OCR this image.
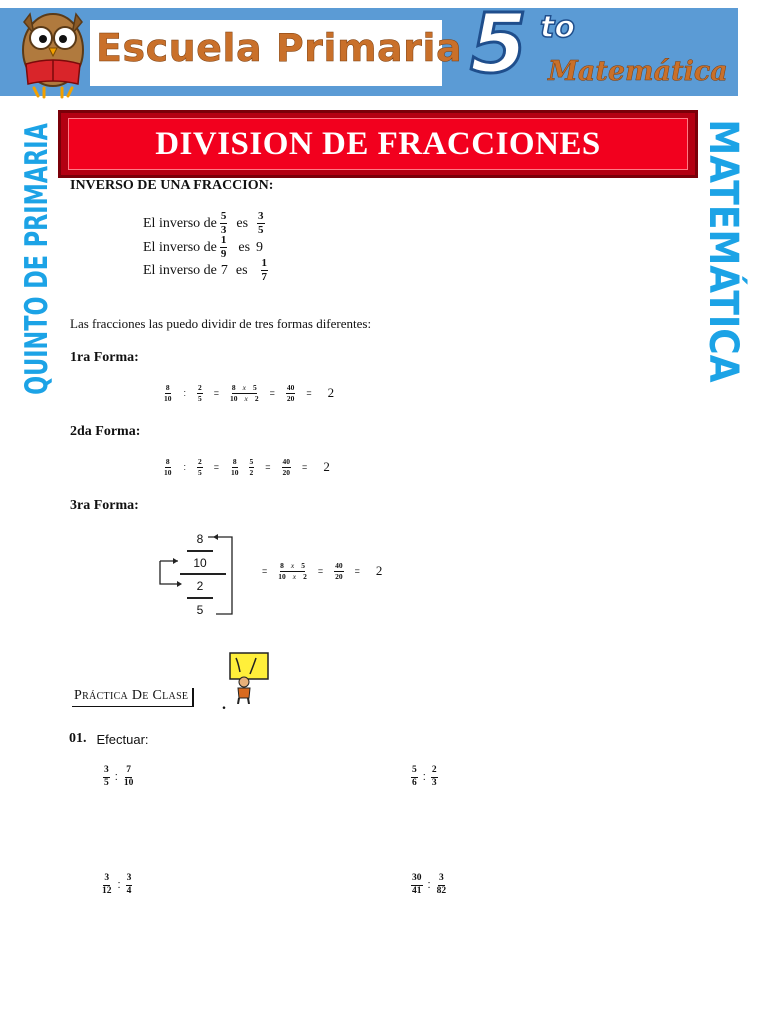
Escuela Primaria 5 to
Matemática
QUINTO DE PRIMARIA	MATEMÁTICA
DIVISION DE FRACCIONES
INVERSO DE UNA FRACCION:
El inverso de $\frac{5}{3}$ es $\frac{3}{5}$
El inverso de $\frac{1}{9}$ es 9
El inverso de 7 es $\frac{1}{7}$
Las fracciones las puedo dividir de tres formas diferentes:
1ra Forma:
$\frac{8}{10}$ : $\frac{2}{5} = \frac{8 x 5}{10 x 2} = \frac{40}{20} = 2$
2da Forma:
$\frac{8}{10}$ : $\frac{2}{5} = \frac{8}{10} \frac{5}{2} = \frac{40}{20} = 2$
3ra Forma:
8
10
2
5
= $\frac{8 x 5}{10 x 2} = \frac{40}{20} = 2$
Práctica De Clase
.
01. Efectuar:
$\frac{3}{5}$ : $\frac{7}{10}$	$\frac{5}{6}$ : $\frac{2}{3}$
$\frac{3}{12}$ : $\frac{3}{4}$	$\frac{30}{41}$ : $\frac{3}{82}$
